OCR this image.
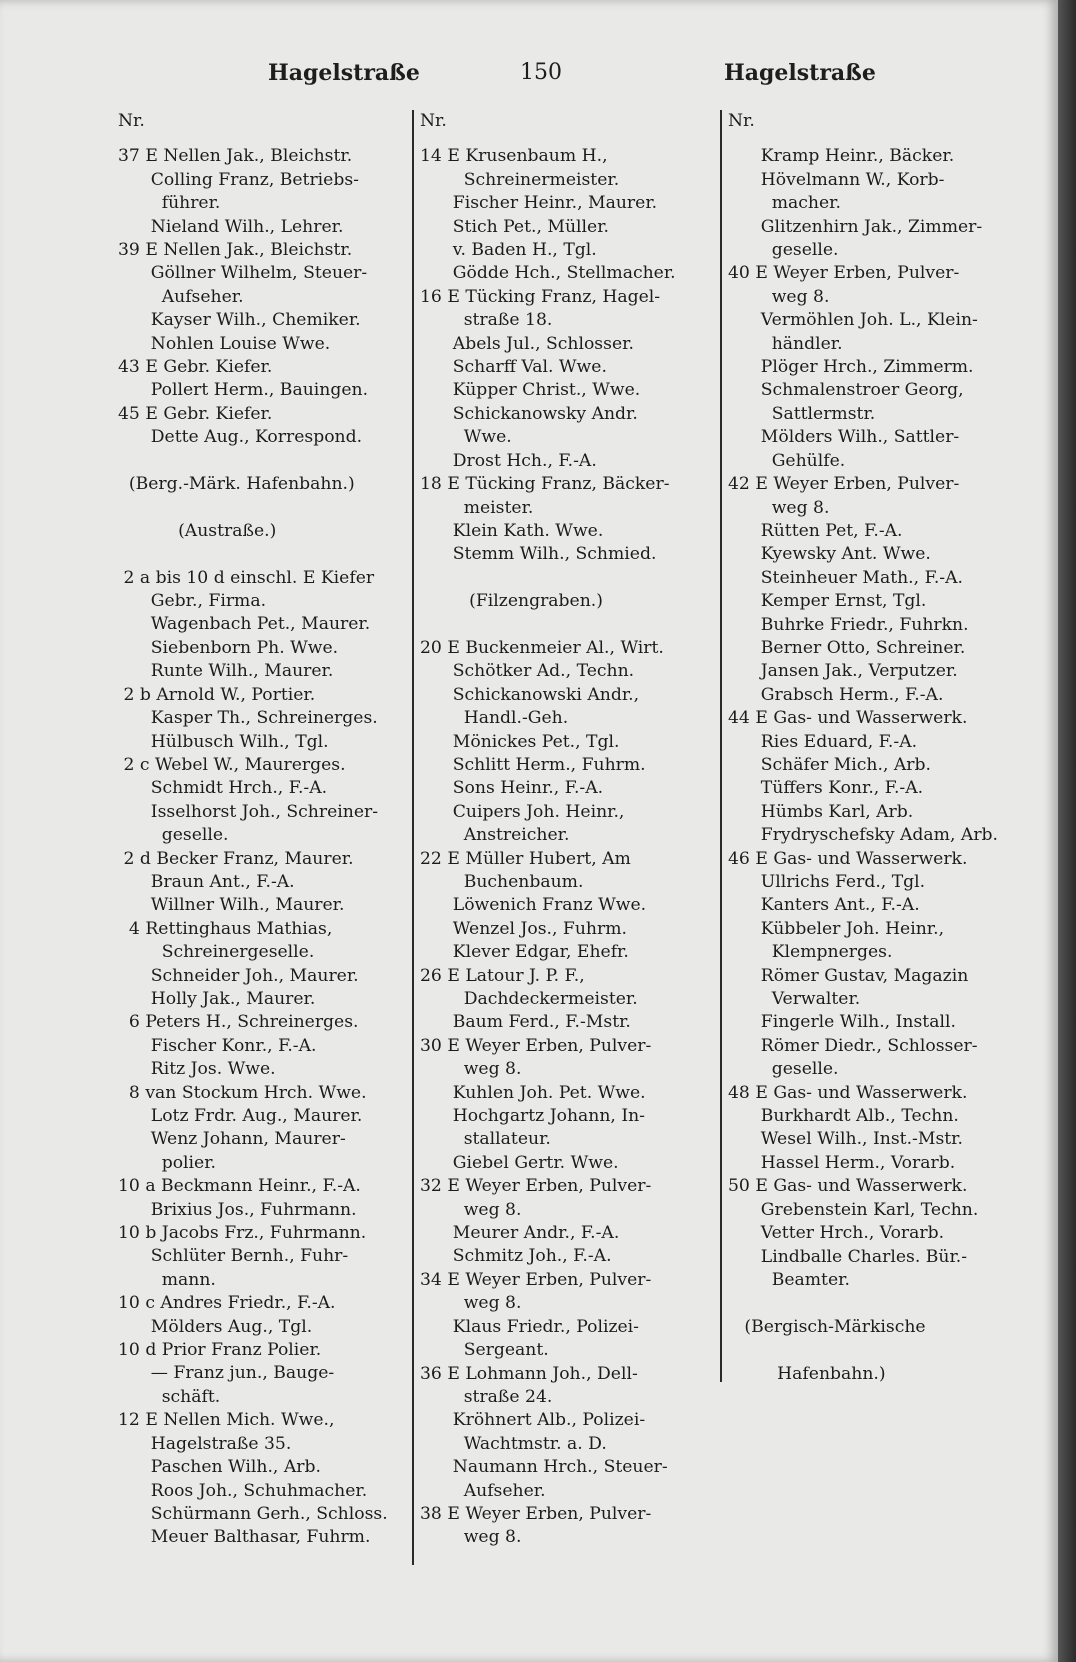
Hagelstraße	150	Hagelstraße
Nr.
37 E Nellen Jak., Bleichstr.
Colling Franz, Betriebs-
führer.
Nieland Wilh., Lehrer.
39 E Nellen Jak., Bleichstr.
Göllner Wilhelm, Steuer-
Aufseher.
Kayser Wilh., Chemiker.
Nohlen Louise Wwe.
43 E Gebr. Kiefer.
Pollert Herm., Bauingen.
45 E Gebr. Kiefer.
Dette Aug., Korrespond.
(Berg.-Märk. Hafenbahn.)
(Austraße.)
2 a bis 10 d einschl. E Kiefer
Gebr., Firma.
Wagenbach Pet., Maurer.
Siebenborn Ph. Wwe.
Runte Wilh., Maurer.
2 b Arnold W., Portier.
Kasper Th., Schreinerges.
Hülbusch Wilh., Tgl.
2 c Webel W., Maurerges.
Schmidt Hrch., F.-A.
Isselhorst Joh., Schreiner-
geselle.
2 d Becker Franz, Maurer.
Braun Ant., F.-A.
Willner Wilh., Maurer.
4 Rettinghaus Mathias,
Schreinergeselle.
Schneider Joh., Maurer.
Holly Jak., Maurer.
6 Peters H., Schreinerges.
Fischer Konr., F.-A.
Ritz Jos. Wwe.
8 van Stockum Hrch. Wwe.
Lotz Frdr. Aug., Maurer.
Wenz Johann, Maurer-
polier.
10 a Beckmann Heinr., F.-A.
Brixius Jos., Fuhrmann.
10 b Jacobs Frz., Fuhrmann.
Schlüter Bernh., Fuhr-
mann.
10 c Andres Friedr., F.-A.
Mölders Aug., Tgl.
10 d Prior Franz Polier.
— Franz jun., Bauge-
schäft.
12 E Nellen Mich. Wwe.,
Hagelstraße 35.
Paschen Wilh., Arb.
Roos Joh., Schuhmacher.
Schürmann Gerh., Schloss.
Meuer Balthasar, Fuhrm.
Nr.
14 E Krusenbaum H.,
Schreinermeister.
Fischer Heinr., Maurer.
Stich Pet., Müller.
v. Baden H., Tgl.
Gödde Hch., Stellmacher.
16 E Tücking Franz, Hagel-
straße 18.
Abels Jul., Schlosser.
Scharff Val. Wwe.
Küpper Christ., Wwe.
Schickanowsky Andr.
Wwe.
Drost Hch., F.-A.
18 E Tücking Franz, Bäcker-
meister.
Klein Kath. Wwe.
Stemm Wilh., Schmied.
(Filzengraben.)
20 E Buckenmeier Al., Wirt.
Schötker Ad., Techn.
Schickanowski Andr.,
Handl.-Geh.
Mönickes Pet., Tgl.
Schlitt Herm., Fuhrm.
Sons Heinr., F.-A.
Cuipers Joh. Heinr.,
Anstreicher.
22 E Müller Hubert, Am
Buchenbaum.
Löwenich Franz Wwe.
Wenzel Jos., Fuhrm.
Klever Edgar, Ehefr.
26 E Latour J. P. F.,
Dachdeckermeister.
Baum Ferd., F.-Mstr.
30 E Weyer Erben, Pulver-
weg 8.
Kuhlen Joh. Pet. Wwe.
Hochgartz Johann, In-
stallateur.
Giebel Gertr. Wwe.
32 E Weyer Erben, Pulver-
weg 8.
Meurer Andr., F.-A.
Schmitz Joh., F.-A.
34 E Weyer Erben, Pulver-
weg 8.
Klaus Friedr., Polizei-
Sergeant.
36 E Lohmann Joh., Dell-
straße 24.
Kröhnert Alb., Polizei-
Wachtmstr. a. D.
Naumann Hrch., Steuer-
Aufseher.
38 E Weyer Erben, Pulver-
weg 8.
Nr.
Kramp Heinr., Bäcker.
Hövelmann W., Korb-
macher.
Glitzenhirn Jak., Zimmer-
geselle.
40 E Weyer Erben, Pulver-
weg 8.
Vermöhlen Joh. L., Klein-
händler.
Plöger Hrch., Zimmerm.
Schmalenstroer Georg,
Sattlermstr.
Mölders Wilh., Sattler-
Gehülfe.
42 E Weyer Erben, Pulver-
weg 8.
Rütten Pet, F.-A.
Kyewsky Ant. Wwe.
Steinheuer Math., F.-A.
Kemper Ernst, Tgl.
Buhrke Friedr., Fuhrkn.
Berner Otto, Schreiner.
Jansen Jak., Verputzer.
Grabsch Herm., F.-A.
44 E Gas- und Wasserwerk.
Ries Eduard, F.-A.
Schäfer Mich., Arb.
Tüffers Konr., F.-A.
Hümbs Karl, Arb.
Frydryschefsky Adam, Arb.
46 E Gas- und Wasserwerk.
Ullrichs Ferd., Tgl.
Kanters Ant., F.-A.
Kübbeler Joh. Heinr.,
Klempnerges.
Römer Gustav, Magazin
Verwalter.
Fingerle Wilh., Install.
Römer Diedr., Schlosser-
geselle.
48 E Gas- und Wasserwerk.
Burkhardt Alb., Techn.
Wesel Wilh., Inst.-Mstr.
Hassel Herm., Vorarb.
50 E Gas- und Wasserwerk.
Grebenstein Karl, Techn.
Vetter Hrch., Vorarb.
Lindballe Charles. Bür.-
Beamter.
(Bergisch-Märkische
Hafenbahn.)
